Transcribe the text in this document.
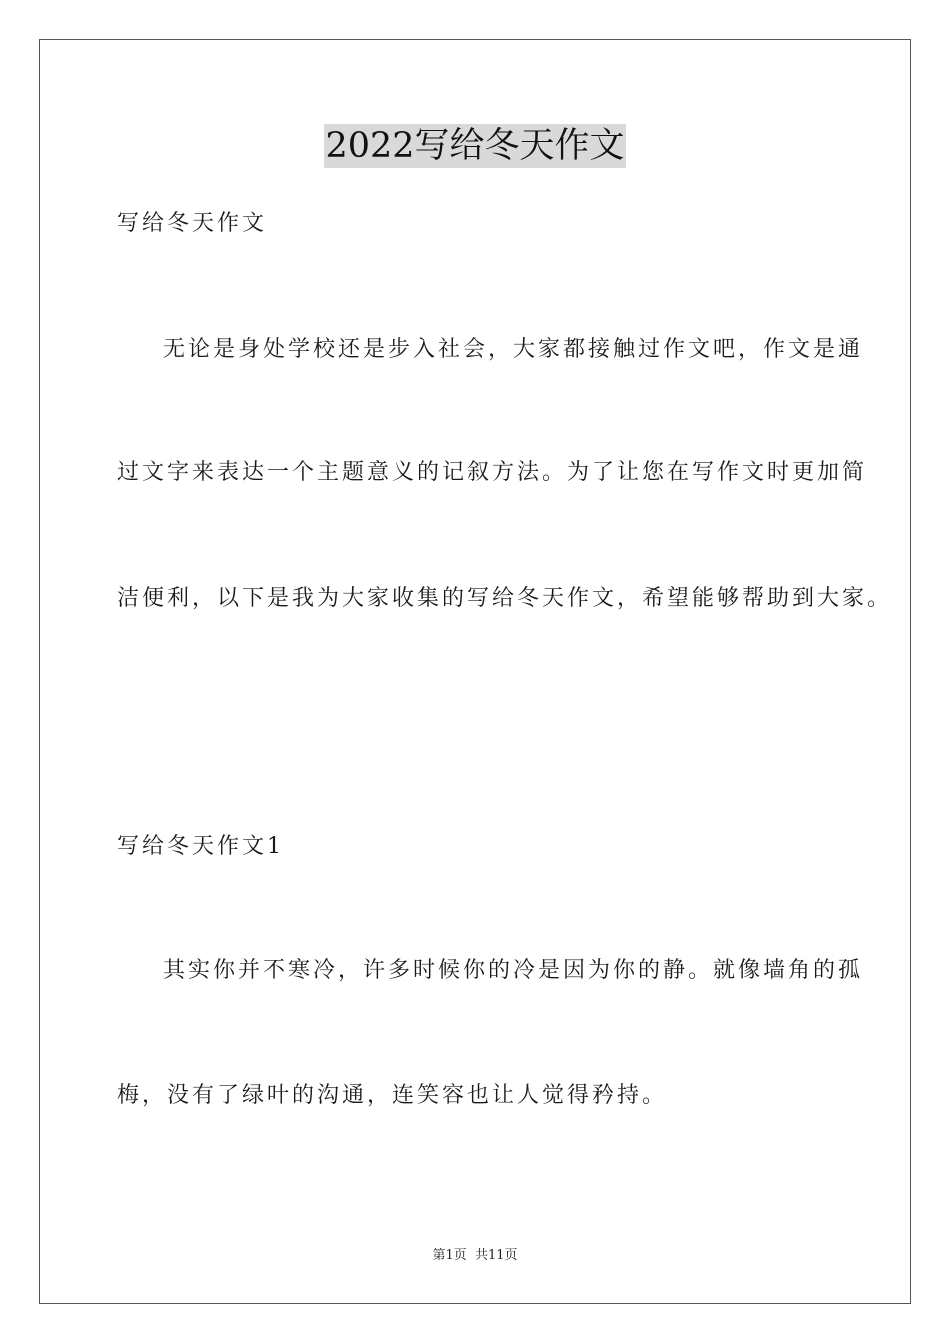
2022写给冬天作文
写给冬天作文
无论是身处学校还是步入社会，大家都接触过作文吧，作文是通
过文字来表达一个主题意义的记叙方法。为了让您在写作文时更加简
洁便利，以下是我为大家收集的写给冬天作文，希望能够帮助到大家。
写给冬天作文1
其实你并不寒冷，许多时候你的冷是因为你的静。就像墙角的孤
梅，没有了绿叶的沟通，连笑容也让人觉得矜持。
第1页 共11页
